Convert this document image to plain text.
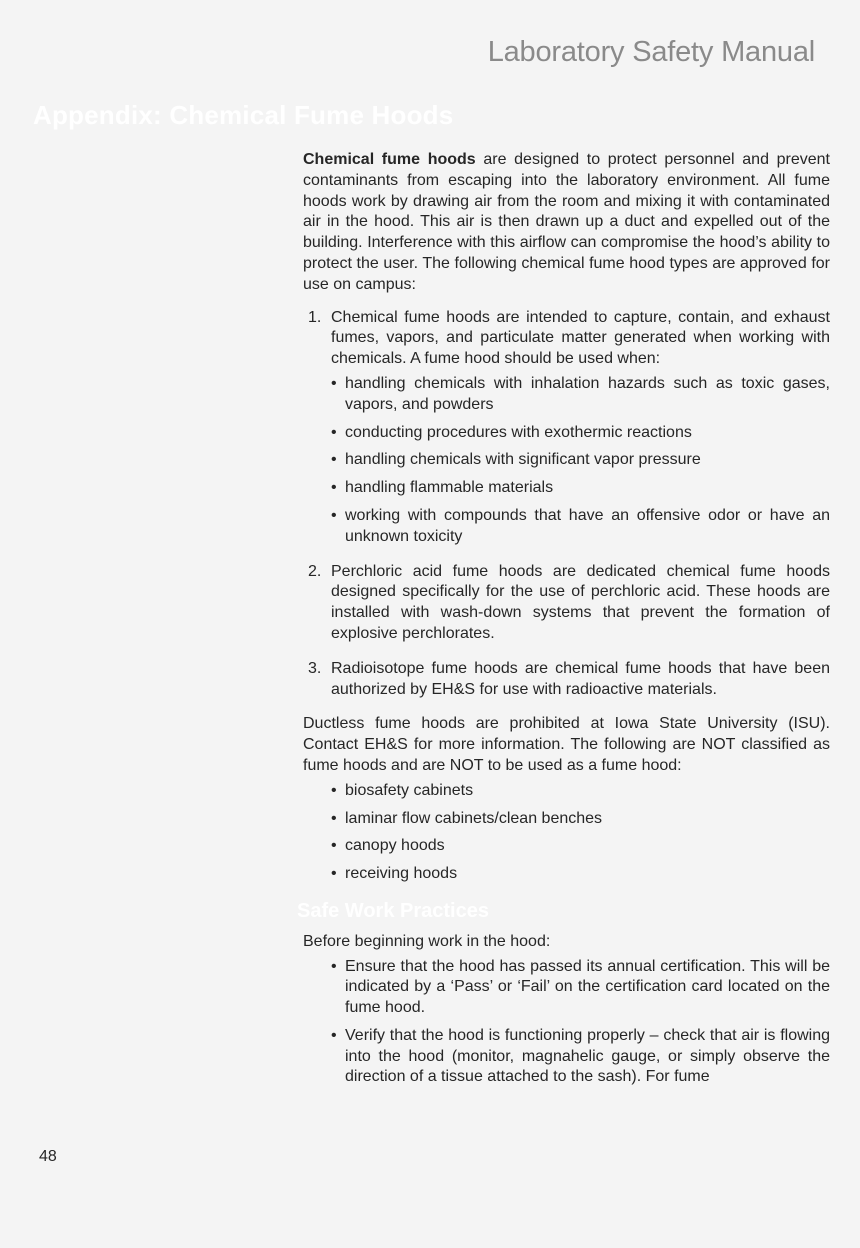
Laboratory Safety Manual
Appendix: Chemical Fume Hoods

Chemical fume hoods are designed to protect personnel and prevent contaminants from escaping into the laboratory environment. All fume hoods work by drawing air from the room and mixing it with contaminated air in the hood. This air is then drawn up a duct and expelled out of the building. Interference with this airflow can compromise the hood’s ability to protect the user. The following chemical fume hood types are approved for use on campus:

1. Chemical fume hoods are intended to capture, contain, and exhaust fumes, vapors, and particulate matter generated when working with chemicals. A fume hood should be used when:
• handling chemicals with inhalation hazards such as toxic gases, vapors, and powders
• conducting procedures with exothermic reactions
• handling chemicals with significant vapor pressure
• handling flammable materials
• working with compounds that have an offensive odor or have an unknown toxicity
2. Perchloric acid fume hoods are dedicated chemical fume hoods designed specifically for the use of perchloric acid. These hoods are installed with wash-down systems that prevent the formation of explosive perchlorates.
3. Radioisotope fume hoods are chemical fume hoods that have been authorized by EH&S for use with radioactive materials.

Ductless fume hoods are prohibited at Iowa State University (ISU). Contact EH&S for more information. The following are NOT classified as fume hoods and are NOT to be used as a fume hood:

• biosafety cabinets
• laminar flow cabinets/clean benches
• canopy hoods
• receiving hoods
Safe Work Practices

Before beginning work in the hood:

• Ensure that the hood has passed its annual certification. This will be indicated by a ‘Pass’ or ‘Fail’ on the certification card located on the fume hood.
• Verify that the hood is functioning properly – check that air is flowing into the hood (monitor, magnahelic gauge, or simply observe the direction of a tissue attached to the sash). For fume
48
